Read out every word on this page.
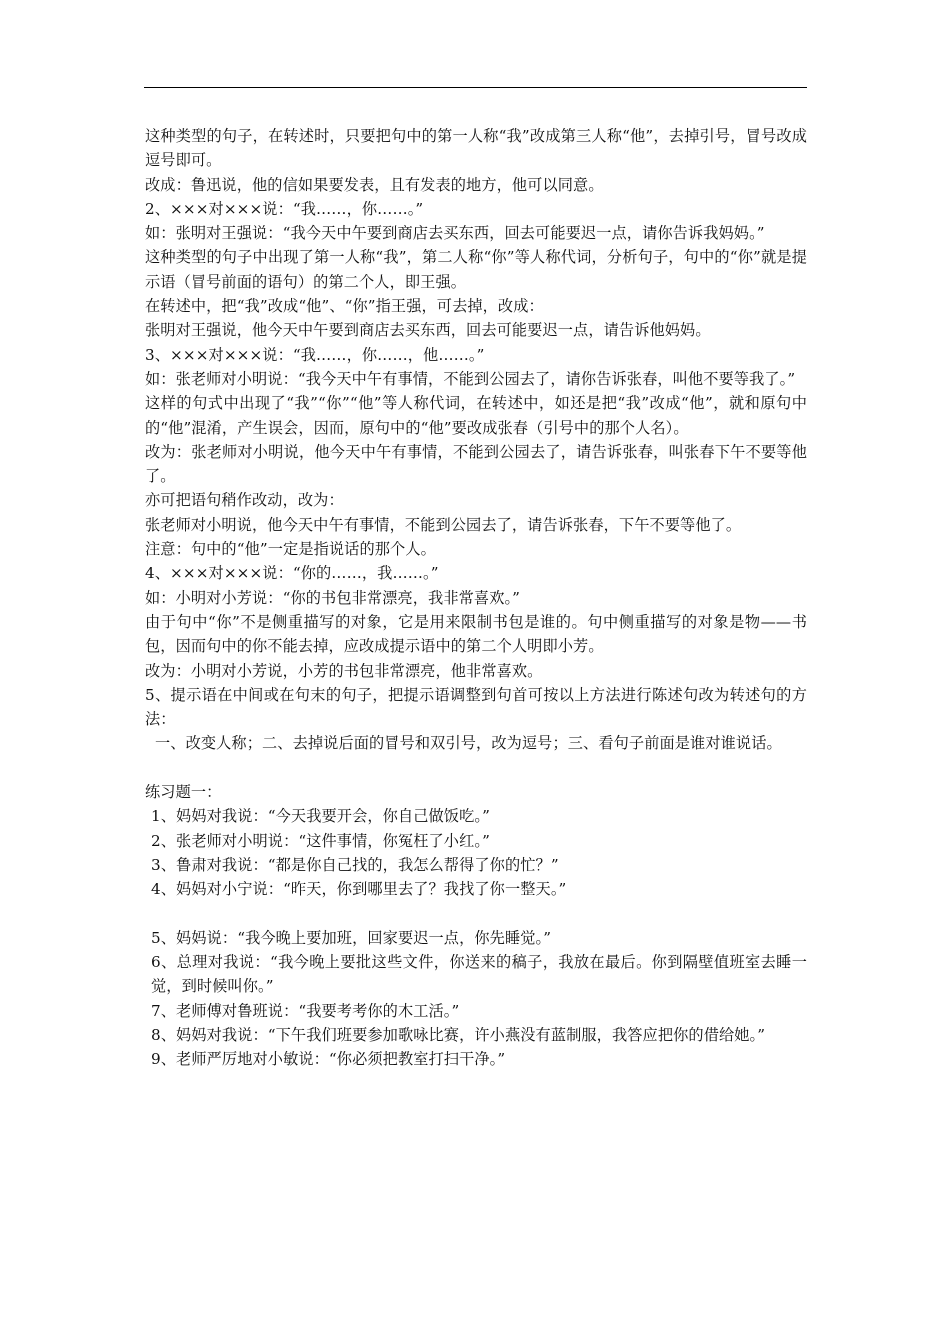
这种类型的句子，在转述时，只要把句中的第一人称“我”改成第三人称“他”，去掉引号，冒号改成逗号即可。

改成：鲁迅说，他的信如果要发表，且有发表的地方，他可以同意。

2、×××对×××说：“我……，你……。”

如：张明对王强说：“我今天中午要到商店去买东西，回去可能要迟一点，请你告诉我妈妈。”

这种类型的句子中出现了第一人称“我”，第二人称“你”等人称代词，分析句子，句中的“你”就是提示语（冒号前面的语句）的第二个人，即王强。

在转述中，把“我”改成“他”、“你”指王强，可去掉，改成：

张明对王强说，他今天中午要到商店去买东西，回去可能要迟一点，请告诉他妈妈。

3、×××对×××说：“我……，你……，他……。”

如：张老师对小明说：“我今天中午有事情，不能到公园去了，请你告诉张春，叫他不要等我了。”

这样的句式中出现了“我”“你”“他”等人称代词，在转述中，如还是把“我”改成“他”，就和原句中的“他”混淆，产生误会，因而，原句中的“他”要改成张春（引号中的那个人名）。

改为：张老师对小明说，他今天中午有事情，不能到公园去了，请告诉张春，叫张春下午不要等他了。

亦可把语句稍作改动，改为：

张老师对小明说，他今天中午有事情，不能到公园去了，请告诉张春，下午不要等他了。

注意：句中的“他”一定是指说话的那个人。

4、×××对×××说：“你的……，我……。”

如：小明对小芳说：“你的书包非常漂亮，我非常喜欢。”

由于句中“你”不是侧重描写的对象，它是用来限制书包是谁的。句中侧重描写的对象是物——书包，因而句中的你不能去掉，应改成提示语中的第二个人明即小芳。

改为：小明对小芳说，小芳的书包非常漂亮，他非常喜欢。

5、提示语在中间或在句末的句子，把提示语调整到句首可按以上方法进行陈述句改为转述句的方法：

一、改变人称；二、去掉说后面的冒号和双引号，改为逗号；三、看句子前面是谁对谁说话。

练习题一：

1、妈妈对我说：“今天我要开会，你自己做饭吃。”

2、张老师对小明说：“这件事情，你冤枉了小红。”

3、鲁肃对我说：“都是你自己找的，我怎么帮得了你的忙？”

4、妈妈对小宁说：“昨天，你到哪里去了？我找了你一整天。”

5、妈妈说：“我今晚上要加班，回家要迟一点，你先睡觉。”

6、总理对我说：“我今晚上要批这些文件，你送来的稿子，我放在最后。你到隔壁值班室去睡一觉，到时候叫你。”

7、老师傅对鲁班说：“我要考考你的木工活。”

8、妈妈对我说：“下午我们班要参加歌咏比赛，许小燕没有蓝制服，我答应把你的借给她。”

9、老师严厉地对小敏说：“你必须把教室打扫干净。”
